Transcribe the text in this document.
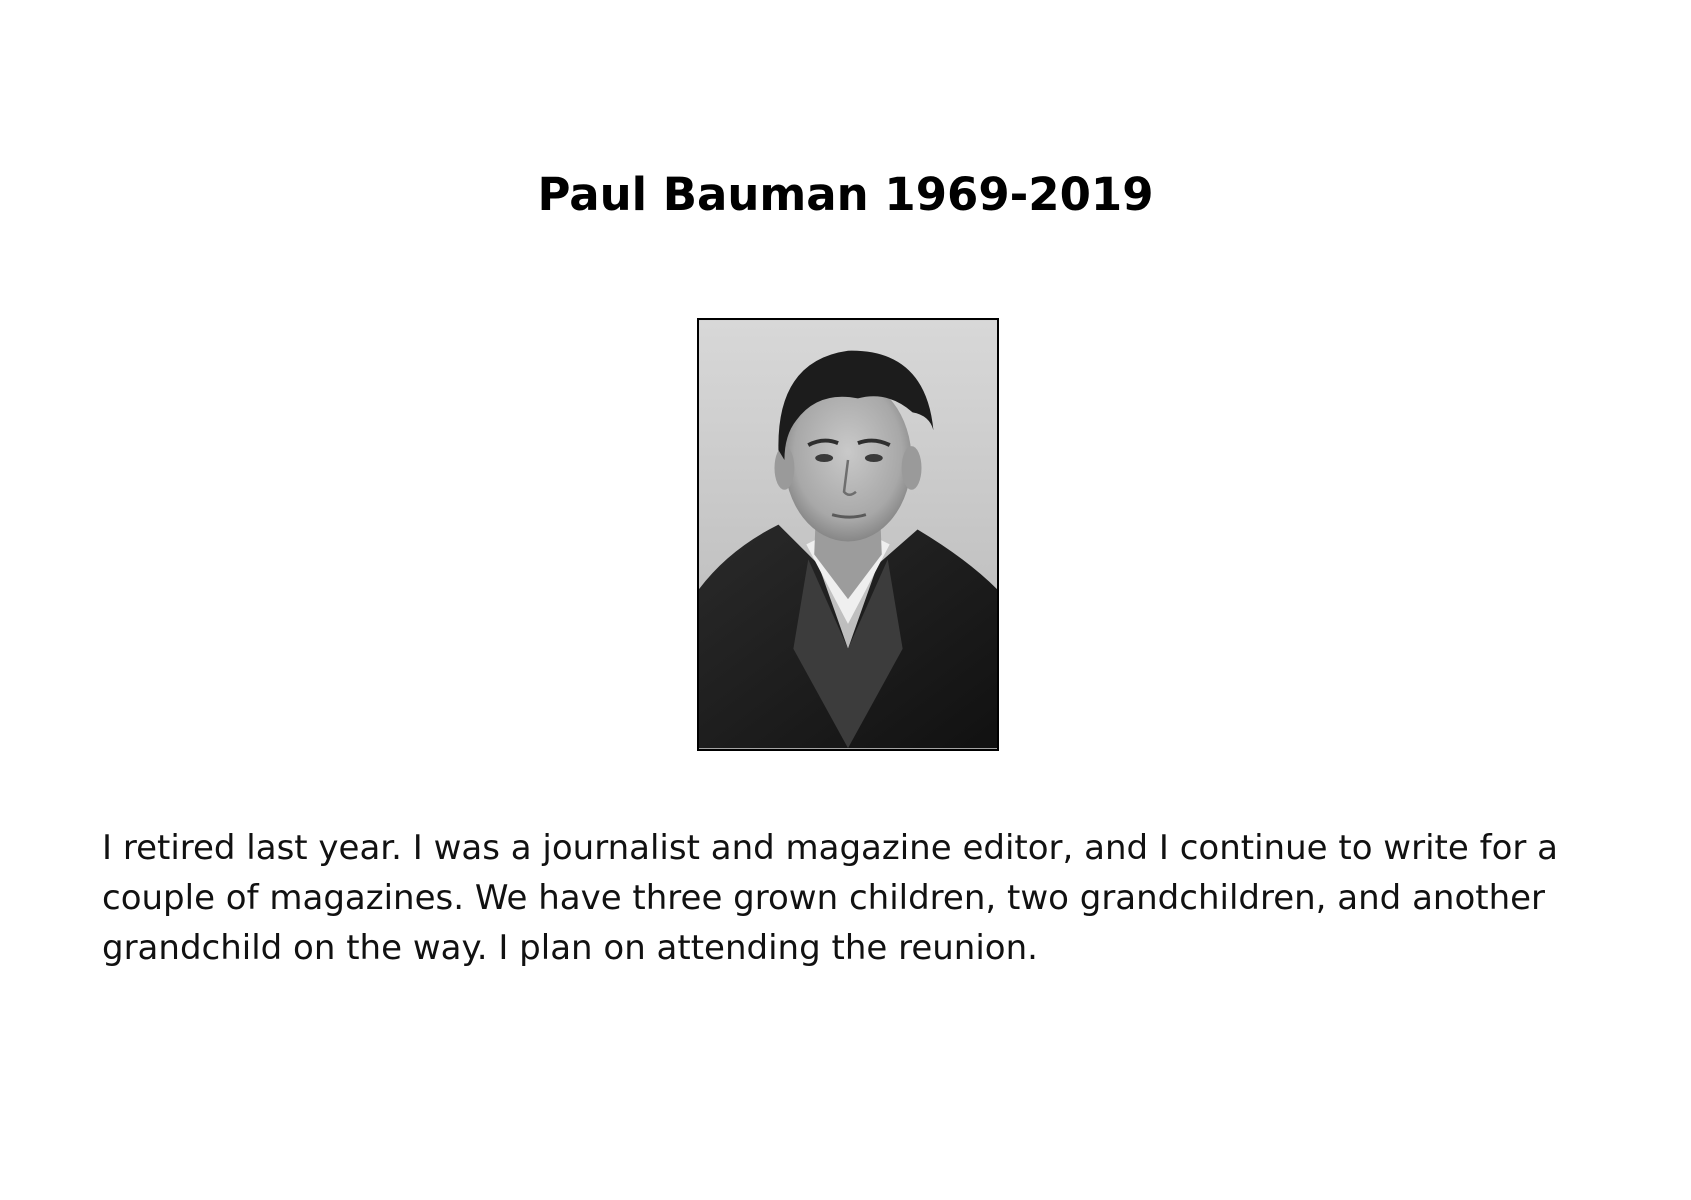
Paul Bauman 1969-2019
I retired last year. I was a journalist and magazine editor, and I continue to write for a
couple of magazines. We have three grown children, two grandchildren, and another
grandchild on the way. I plan on attending the reunion.
